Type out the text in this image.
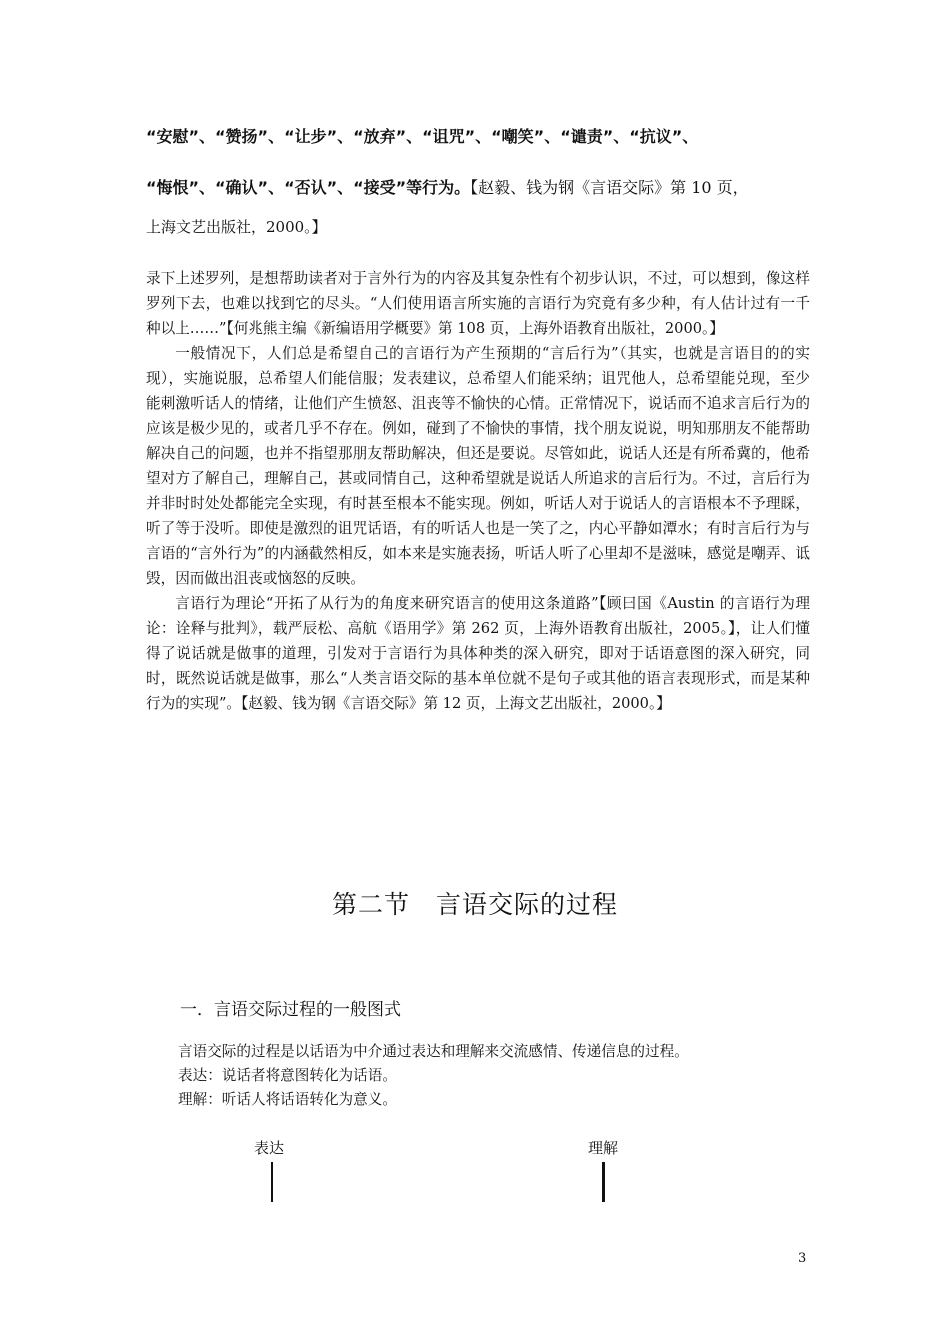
“安慰”、“赞扬”、“让步”、“放弃”、“诅咒”、“嘲笑”、“谴责”、“抗议”、
“悔恨”、“确认”、“否认”、“接受”等行为。【赵毅、钱为钢《言语交际》第 10 页，
上海文艺出版社，2000。】

录下上述罗列，是想帮助读者对于言外行为的内容及其复杂性有个初步认识，不过，可以想到，像这样罗列下去，也难以找到它的尽头。“人们使用语言所实施的言语行为究竟有多少种，有人估计过有一千种以上……”【何兆熊主编《新编语用学概要》第 108 页，上海外语教育出版社，2000。】

一般情况下，人们总是希望自己的言语行为产生预期的“言后行为”（其实，也就是言语目的的实现），实施说服，总希望人们能信服；发表建议，总希望人们能采纳；诅咒他人，总希望能兑现，至少能刺激听话人的情绪，让他们产生愤怒、沮丧等不愉快的心情。正常情况下，说话而不追求言后行为的应该是极少见的，或者几乎不存在。例如，碰到了不愉快的事情，找个朋友说说，明知那朋友不能帮助解决自己的问题，也并不指望那朋友帮助解决，但还是要说。尽管如此，说话人还是有所希冀的，他希望对方了解自己，理解自己，甚或同情自己，这种希望就是说话人所追求的言后行为。不过，言后行为并非时时处处都能完全实现，有时甚至根本不能实现。例如，听话人对于说话人的言语根本不予理睬，听了等于没听。即使是激烈的诅咒话语，有的听话人也是一笑了之，内心平静如潭水；有时言后行为与言语的“言外行为”的内涵截然相反，如本来是实施表扬，听话人听了心里却不是滋味，感觉是嘲弄、诋毁，因而做出沮丧或恼怒的反映。

言语行为理论“开拓了从行为的角度来研究语言的使用这条道路”【顾曰国《Austin 的言语行为理论：诠释与批判》，载严辰松、高航《语用学》第 262 页，上海外语教育出版社，2005。】，让人们懂得了说话就是做事的道理，引发对于言语行为具体种类的深入研究，即对于话语意图的深入研究，同时，既然说话就是做事，那么“人类言语交际的基本单位就不是句子或其他的语言表现形式，而是某种行为的实现”。【赵毅、钱为钢《言语交际》第 12 页，上海文艺出版社，2000。】

第二节　言语交际的过程
一．言语交际过程的一般图式
言语交际的过程是以话语为中介通过表达和理解来交流感情、传递信息的过程。
表达：说话者将意图转化为话语。
理解：听话人将话语转化为意义。
表达	理解
3
